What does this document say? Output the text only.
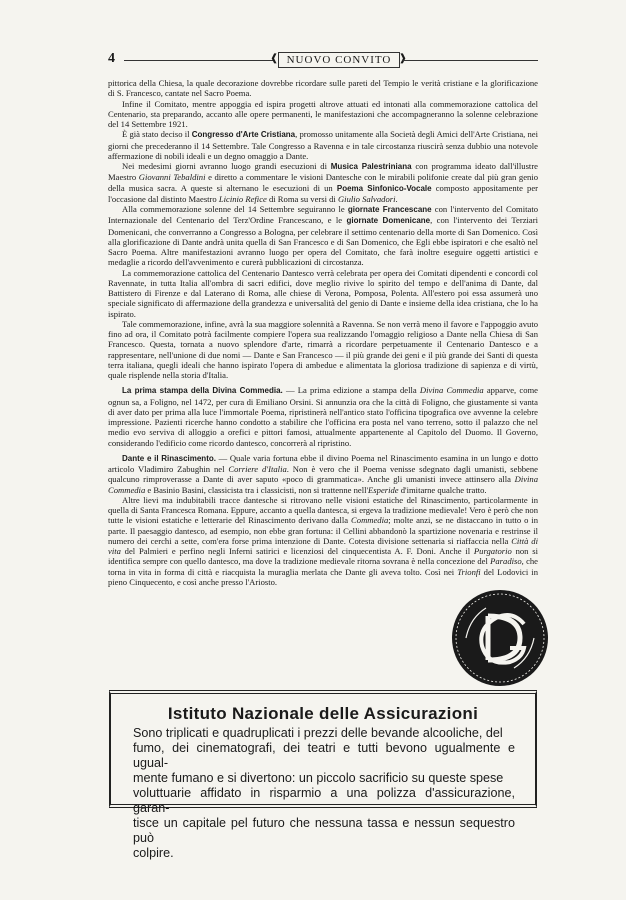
4
❰	NUOVO CONVITO ❱

pittorica della Chiesa, la quale decorazione dovrebbe ricordare sulle pareti del Tempio le verità cristiane e la glorificazione di S. Francesco, cantate nel Sacro Poema.

Infine il Comitato, mentre appoggia ed ispira progetti altrove attuati ed intonati alla commemorazione cattolica del Centenario, sta preparando, accanto alle opere permanenti, le manifestazioni che accompagneranno la solenne celebrazione del 14 Settembre 1921.

È già stato deciso il Congresso d'Arte Cristiana, promosso unitamente alla Società degli Amici dell'Arte Cristiana, nei giorni che precederanno il 14 Settembre. Tale Congresso a Ravenna e in tale circostanza riuscirà senza dubbio una notevole affermazione di nobili ideali e un degno omaggio a Dante.

Nei medesimi giorni avranno luogo grandi esecuzioni di Musica Palestriniana con programma ideato dall'illustre Maestro Giovanni Tebaldini e diretto a commentare le visioni Dantesche con le mirabili polifonie create dal più gran genio della musica sacra. A queste si alternano le esecuzioni di un Poema Sinfonico-Vocale composto appositamente per l'occasione dal distinto Maestro Licinio Refice di Roma su versi di Giulio Salvadori.

Alla commemorazione solenne del 14 Settembre seguiranno le giornate Francescane con l'intervento del Comitato Internazionale del Centenario del Terz'Ordine Francescano, e le giornate Domenicane, con l'intervento dei Terziari Domenicani, che converranno a Congresso a Bologna, per celebrare il settimo centenario della morte di San Domenico. Così alla glorificazione di Dante andrà unita quella di San Francesco e di San Domenico, che Egli ebbe ispiratori e che esaltò nel Sacro Poema. Altre manifestazioni avranno luogo per opera del Comitato, che farà inoltre eseguire oggetti artistici e medaglie a ricordo dell'avvenimento e curerà pubblicazioni di circostanza.

La commemorazione cattolica del Centenario Dantesco verrà celebrata per opera dei Comitati dipendenti e concordi col Ravennate, in tutta Italia all'ombra di sacri edifici, dove meglio rivive lo spirito del tempo e dell'anima di Dante, dal Battistero di Firenze e dal Laterano di Roma, alle chiese di Verona, Pomposa, Polenta. All'estero poi essa assumerà uno speciale significato di affermazione della grandezza e universalità del genio di Dante e insieme della idea cristiana, che lo ha ispirato.

Tale commemorazione, infine, avrà la sua maggiore solennità a Ravenna. Se non verrà meno il favore e l'appoggio avuto fino ad ora, il Comitato potrà facilmente compiere l'opera sua realizzando l'omaggio religioso a Dante nella Chiesa di San Francesco. Questa, tornata a nuovo splendore d'arte, rimarrà a ricordare perpetuamente il Centenario Dantesco e a rappresentare, nell'unione di due nomi — Dante e San Francesco — il più grande dei geni e il più grande dei Santi di questa terra italiana, quegli ideali che hanno ispirato l'opera di ambedue e alimentata la gloriosa tradizione di sapienza e di virtù, quale risplende nella storia d'Italia.

La prima stampa della Divina Commedia. — La prima edizione a stampa della Divina Commedia apparve, come ognun sa, a Foligno, nel 1472, per cura di Emiliano Orsini. Si annunzia ora che la città di Foligno, che giustamente si vanta di aver dato per prima alla luce l'immortale Poema, ripristinerà nell'antico stato l'officina tipografica ove avvenne la celebre impressione. Pazienti ricerche hanno condotto a stabilire che l'officina era posta nel vano terreno, sotto il palazzo che nel medio evo serviva di alloggio a orefici e pittori famosi, attualmente appartenente al Capitolo del Duomo. Il Governo, considerando l'edificio come ricordo dantesco, concorrerà al ripristino.

Dante e il Rinascimento. — Quale varia fortuna ebbe il divino Poema nel Rinascimento esamina in un lungo e dotto articolo Vladimiro Zabughin nel Corriere d'Italia. Non è vero che il Poema venisse sdegnato dagli umanisti, sebbene qualcuno rimproverasse a Dante di aver saputo «poco di grammatica». Anche gli umanisti invece attinsero alla Divina Commedia e Basinio Basini, classicista tra i classicisti, non si trattenne nell'Esperide d'imitarne qualche tratto.

Altre lievi ma indubitabili tracce dantesche si ritrovano nelle visioni estatiche del Rinascimento, particolarmente in quella di Santa Francesca Romana. Eppure, accanto a quella dantesca, si ergeva la tradizione medievale! Vero è però che non tutte le visioni estatiche e letterarie del Rinascimento derivano dalla Commedia; molte anzi, se ne distaccano in tutto o in parte. Il paesaggio dantesco, ad esempio, non ebbe gran fortuna: il Cellini abbandonò la spartizione novenaria e restrinse il numero dei cerchi a sette, com'era forse prima intenzione di Dante. Cotesta divisione settenaria si riaffaccia nella Città di vita del Palmieri e perfino negli Inferni satirici e licenziosi del cinquecentista A. F. Doni. Anche il Purgatorio non si identifica sempre con quello dantesco, ma dove la tradizione medievale ritorna sovrana è nella concezione del Paradiso, che torna in vita in forma di città e riacquista la muraglia merlata che Dante gli aveva tolto. Così nei Trionfi del Lodovici in pieno Cinquecento, e così anche presso l'Ariosto.

Istituto Nazionale delle Assicurazioni
Sono triplicati e quadruplicati i prezzi delle bevande alcooliche, del
fumo, dei cinematografi, dei teatri e tutti bevono ugualmente e ugual-
mente fumano e si divertono: un piccolo sacrificio su queste spese
voluttuarie affidato in risparmio a una polizza d'assicurazione, garan-
tisce un capitale pel futuro che nessuna tassa e nessun sequestro può
colpire.
